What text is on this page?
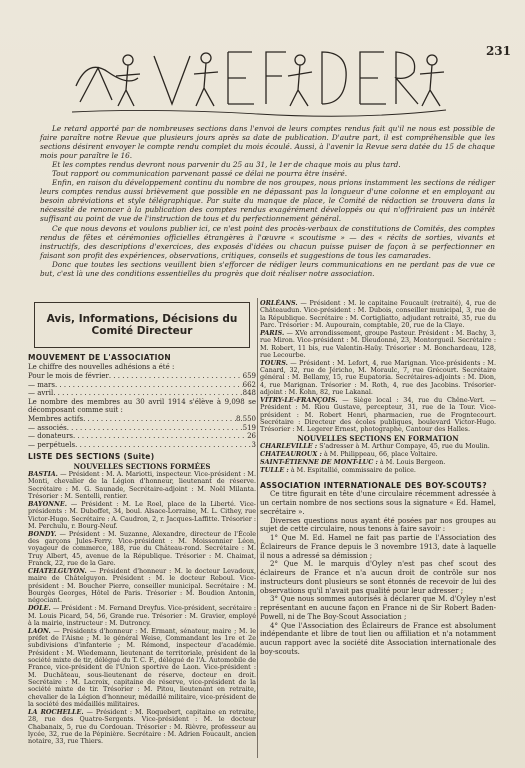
231

Le retard apporté par de nombreuses sections dans l'envoi de leurs comptes rendus fait qu'il ne nous est possible de faire paraître notre Revue que plusieurs jours après sa date de publication. D'autre part, il est compréhensible que les sections désirent envoyer le compte rendu complet du mois écoulé. Aussi, à l'avenir la Revue sera datée du 15 de chaque mois pour paraître le 16.

Et les comptes rendus devront nous parvenir du 25 au 31, le 1er de chaque mois au plus tard.

Tout rapport ou communication parvenant passé ce délai ne pourra être inséré.

Enfin, en raison du développement continu du nombre de nos groupes, nous prions instamment les sections de rédiger leurs comptes rendus aussi brièvement que possible en ne dépassant pas la longueur d'une colonne et en employant au besoin abréviations et style télégraphique. Par suite du manque de place, le Comité de rédaction se trouvera dans la nécessité de renoncer à la publication des comptes rendus exagérément développés ou qui n'offriraient pas un intérêt suffisant au point de vue de l'instruction de tous et du perfectionnement général.

Ce que nous devons et voulons publier ici, ce n'est point des procès-verbaux de constitutions de Comités, des comptes rendus de fêtes et cérémonies officielles étrangères à l'œuvre « scoutisme » — des « récits de sorties, vivants et instructifs, des descriptions d'exercices, des exposés d'idées ou chacun puisse puiser de façon à se perfectionner en faisant son profit des expériences, observations, critiques, conseils et suggestions de tous les camarades.

Donc que toutes les sections veuillent bien s'efforcer de rédiger leurs communications en ne perdant pas de vue ce but, c'est là une des conditions essentielles du progrès que doit réaliser notre association.

Avis, Informations, Décisions du Comité Directeur
MOUVEMENT DE L'ASSOCIATION
Le chiffre des nouvelles adhésions a été :
Pour le mois de février . . .	659
— mars . . .	662
— avril . . .	848
Le nombre des membres au 30 avril 1914 s'élève à 9,098 se décomposant comme suit :
Membres actifs . . .	8.550
— associés . . .	519
— donateurs . . .	26
— perpétuels . . .	3
LISTE DES SECTIONS (Suite)
NOUVELLES SECTIONS FORMÉES

BASTIA. — Président : M. A. Mariotti, inspecteur. Vice-président : M. Monti, chevalier de la Légion d'honneur, lieutenant de réserve. Secrétaire : M. G. Saunade, Secrétaire-adjoint : M. Noël Milanta. Trésorier : M. Sentelli, rentier.

BAYONNE. — Président : M. Le Roel, place de la Liberté. Vice-présidents : M. Duboffet, 34, boul. Alsace-Lorraine, M. L. Cithey, rue Victor-Hugo. Secrétaire : A. Caudron, 2, r. Jacques-Laffitte. Trésorier : M. Perchulu, r. Bourg-Neuf.

BONDY. — Président : M. Suzanne, Alexandre, directeur de l'École des garçons Jules-Ferry. Vice-président : M. Moissonnier Léon, voyageur de commerce, 188, rue du Château-rond. Secrétaire : M. Truy Albert, 45, avenue de la République. Trésorier : M. Chaimat, Franck, 22, rue de la Gare.

CHATELGUYON. — Président d'honneur : M. le docteur Levadoux, maire de Châtelguyon. Président : M. le docteur Reboul. Vice-président : M. Boucher Pierre, conseiller municipal. Secrétaire : M. Bourgès Georges, Hôtel de Paris. Trésorier : M. Boudion Antonin, négociant.

DOLE. — Président : M. Fernand Dreyfus. Vice-président, secrétaire : M. Louis Picard, 54, 56, Grande rue. Trésorier : M. Gravier, employé à la mairie, instructeur : M. Dutroncy.

LAON. — Présidents d'honneur : M. Ermant, sénateur, maire ; M. le préfet de l'Aisne ; M. le général Weise, Commandant les 1re et 2e subdivisions d'infanterie ; M. Rémond, inspecteur d'académie. Président : M. Wiedemann, lieutenant de territoriale, président de la société mixte de tir, délégué du T. C. F., délégué de l'A. Automobile de France, vice-président de l'Union sportive de Laon. Vice-président : M. Duchâteau, sous-lieutenant de réserve, docteur en droit. Secrétaire : M. Lacroix, capitaine de réserve, vice-président de la société mixte de tir. Trésorier : M. Pitou, lieutenant en retraite, chevalier de la Légion d'honneur, médaillé militaire, vice-président de la société des médaillés militaires.

LA ROCHELLE. — Président : M. Roquebert, capitaine en retraite, 28, rue des Quatre-Sergents. Vice-président : M. le docteur Chabanaix, 5, rue du Cordouan. Trésorier : M. Rièvre, professeur au lycée, 32, rue de la Pépinière. Secrétaire : M. Adrien Foucault, ancien notaire, 33, rue Thiers.

ORLÉANS. — Président : M. le capitaine Foucault (retraité), 4, rue de Châteaudun. Vice-président : M. Dubois, conseiller municipal, 3, rue de la République. Secrétaire : M. Cortigliatto, adjudant retraité, 35, rue du Parc. Trésorier : M. Aupourain, comptable, 20, rue de la Claye.

PARIS. — XVe arrondissement, groupe Pasteur. Président : M. Bachy, 3, rue Miron. Vice-président : M. Dieudonné, 23, Montorgueil. Secrétaire : M. Robert, 11 bis, rue Valentin-Haüy. Trésorier : M. Bonchardeau, 128, rue Lecourbe.

TOURS. — Président : M. Lefort, 4, rue Marignan. Vice-présidents : M. Canard, 32, rue de Jéricho, M. Moraulc, 7, rue Grécourt. Secrétaire général : M. Bellamy, 15, rue Eupatoria. Secrétaires-adjoints : M. Dion, 4, rue Marignan. Trésorier : M. Roth, 4, rue des Jacobins. Trésorier-adjoint : M. Kohn, 82, rue Lakanal.

VITRY-LE-FRANÇOIS. — Siège local : 34, rue du Chêne-Vert. — Président : M. Riou Gustave, percepteur, 31, rue de la Tour. Vice-président : M. Robert Henri, pharmacien, rue de Frogntecourt. Secrétaire : Directeur des écoles publiques, boulevard Victor-Hugo. Trésorier : M. Legerer Ernest, photographe, Cantour des Halles.

NOUVELLES SECTIONS EN FORMATION

CHARLEVILLE : S'adresser à M. Arthur Compaye, 45, rue du Moulin.

CHATEAUROUX : à M. Philippeau, 66, place Voltaire.

SAINT-ÉTIENNE DE MONT-LUC : à M. Louis Bergeon.

TULLE : à M. Espitallié, commissaire de police.

ASSOCIATION INTERNATIONALE DES BOY-SCOUTS?

Ce titre figurait en tête d'une circulaire récemment adressée à un certain nombre de nos sections sous la signature « Ed. Hamel, secrétaire ».

Diverses questions nous ayant été posées par nos groupes au sujet de cette circulaire, nous tenons à faire savoir :

1° Que M. Ed. Hamel ne fait pas partie de l'Association des Éclaireurs de France depuis le 3 novembre 1913, date à laquelle il nous a adressé sa démission ;

2° Que M. le marquis d'Oyley n'est pas chef scout des éclaireurs de France et n'a aucun droit de contrôle sur nos instructeurs dont plusieurs se sont étonnés de recevoir de lui des observations qu'il n'avait pas qualité pour leur adresser ;

3° Que nous sommes autorisés à déclarer que M. d'Oyley n'est représentant en aucune façon en France ni de Sir Robert Baden-Powell, ni de The Boy-Scout Association ;

4° Que l'Association des Éclaireurs de France est absolument indépendante et libre de tout lien ou affiliation et n'a notamment aucun rapport avec la société dite Association internationale des boy-scouts.
